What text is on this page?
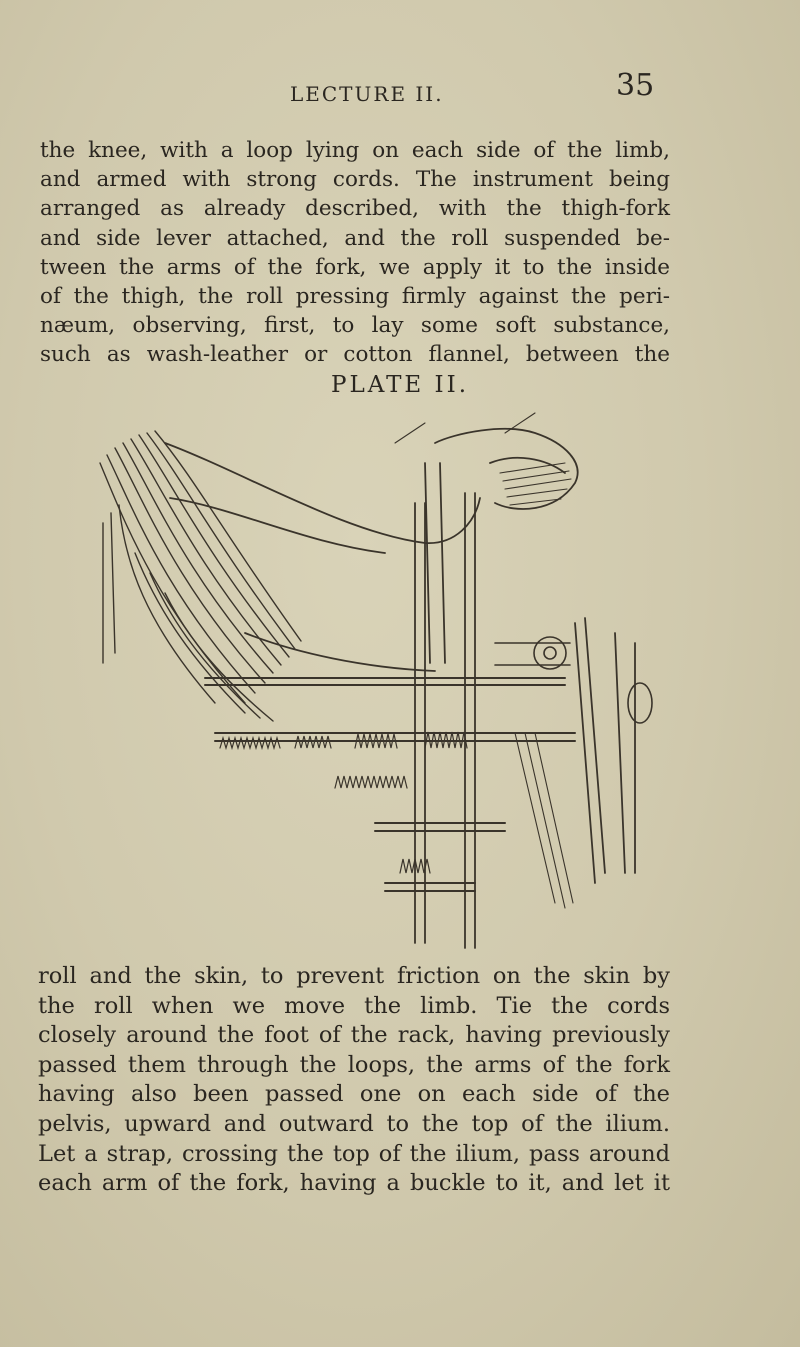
LECTURE II.	35
the knee, with a loop lying on each side of the limb,
and armed with strong cords. The instrument being
arranged as already described, with the thigh-fork
and side lever attached, and the roll suspended be-
tween the arms of the fork, we apply it to the inside
of the thigh, the roll pressing firmly against the peri-
næum, observing, first, to lay some soft substance,
such as wash-leather or cotton flannel, between the
PLATE II.
roll and the skin, to prevent friction on the skin by
the roll when we move the limb. Tie the cords
closely around the foot of the rack, having previously
passed them through the loops, the arms of the fork
having also been passed one on each side of the
pelvis, upward and outward to the top of the ilium.
Let a strap, crossing the top of the ilium, pass around
each arm of the fork, having a buckle to it, and let it
